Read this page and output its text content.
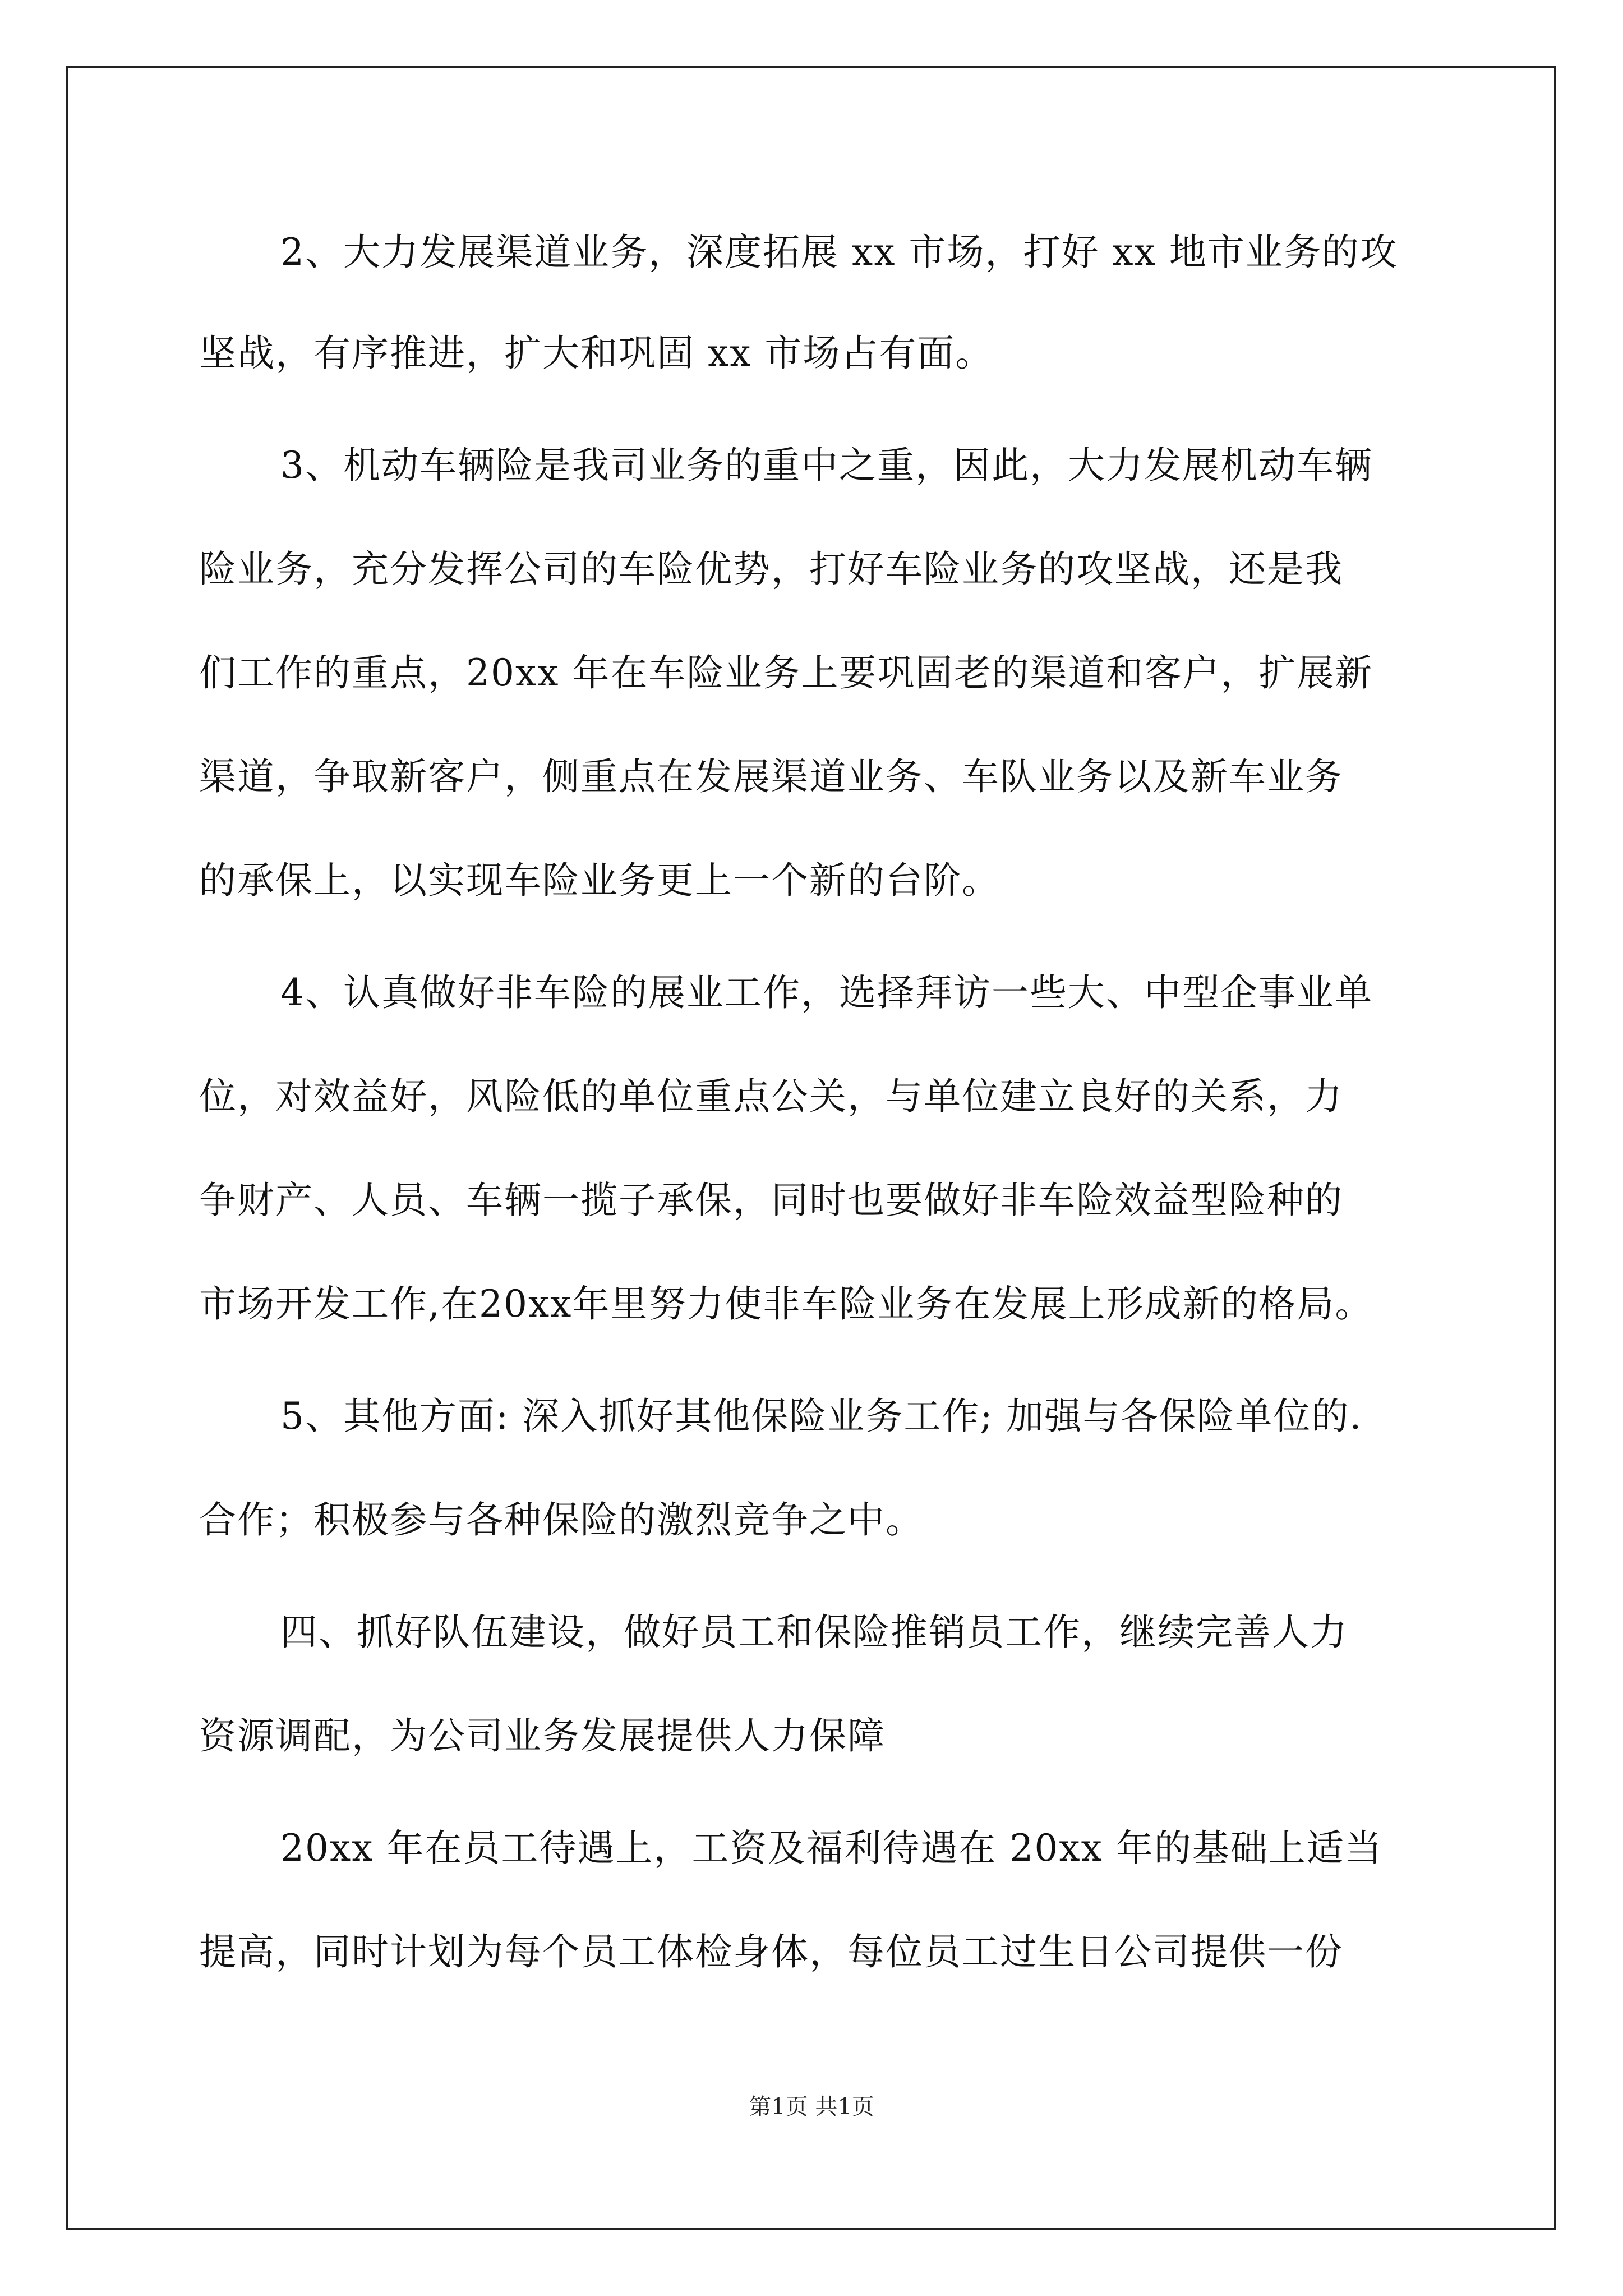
2、大力发展渠道业务，深度拓展 xx 市场，打好 xx 地市业务的攻
坚战，有序推进，扩大和巩固 xx 市场占有面。
3、机动车辆险是我司业务的重中之重，因此，大力发展机动车辆
险业务，充分发挥公司的车险优势，打好车险业务的攻坚战，还是我
们工作的重点，20xx 年在车险业务上要巩固老的渠道和客户，扩展新
渠道，争取新客户，侧重点在发展渠道业务、车队业务以及新车业务
的承保上，以实现车险业务更上一个新的台阶。
4、认真做好非车险的展业工作，选择拜访一些大、中型企事业单
位，对效益好，风险低的单位重点公关，与单位建立良好的关系，力
争财产、人员、车辆一揽子承保，同时也要做好非车险效益型险种的
市场开发工作,在20xx年里努力使非车险业务在发展上形成新的格局。
5、其他方面: 深入抓好其他保险业务工作; 加强与各保险单位的.
合作；积极参与各种保险的激烈竞争之中。
四、抓好队伍建设，做好员工和保险推销员工作，继续完善人力
资源调配，为公司业务发展提供人力保障
20xx 年在员工待遇上，工资及福利待遇在 20xx 年的基础上适当
提高，同时计划为每个员工体检身体，每位员工过生日公司提供一份
第1页 共1页
